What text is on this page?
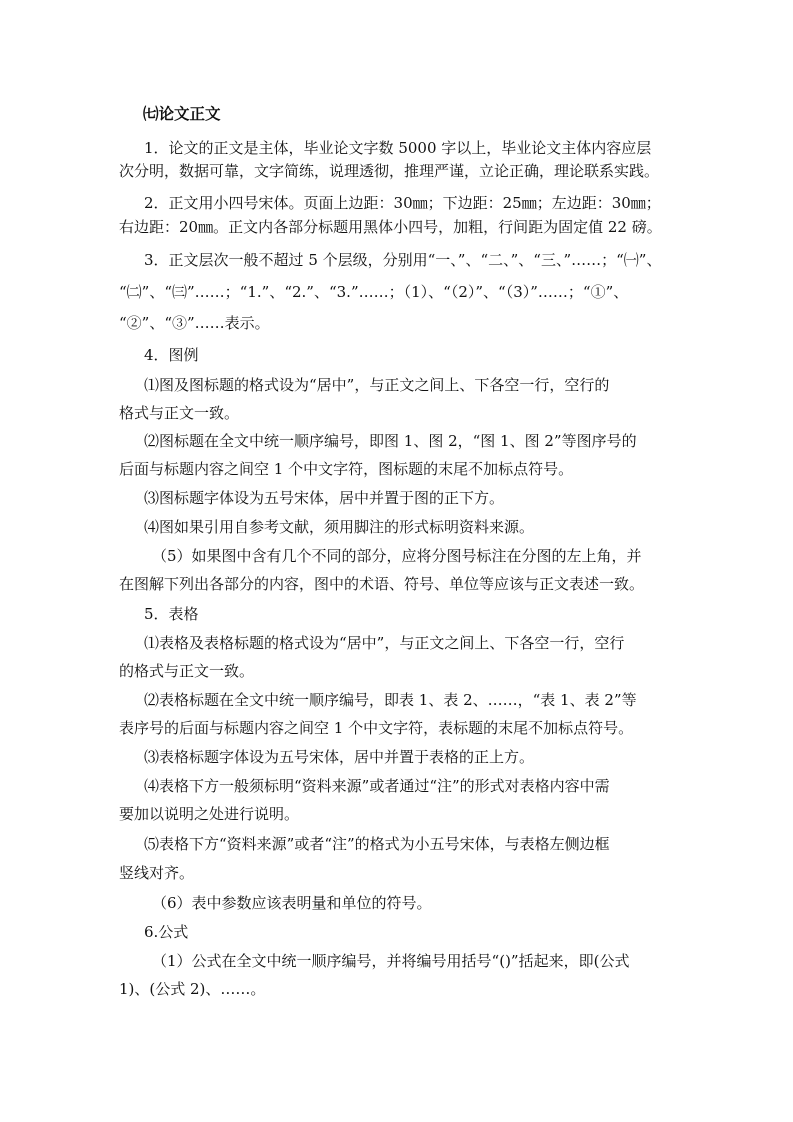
㈦论文正文
1．论文的正文是主体，毕业论文字数 5000 字以上，毕业论文主体内容应层
次分明，数据可靠，文字简练，说理透彻，推理严谨，立论正确，理论联系实践。
2．正文用小四号宋体。页面上边距：30㎜；下边距：25㎜；左边距：30㎜；
右边距：20㎜。正文内各部分标题用黑体小四号，加粗，行间距为固定值 22 磅。
3．正文层次一般不超过 5 个层级，分别用“一、”、“二、”、“三、”……；“㈠”、
“㈡”、“㈢”……；“1.”、“2.”、“3.”……；（1）、“（2）”、“（3）”……；“①”、
“②”、“③”……表示。
4．图例
⑴图及图标题的格式设为“居中”，与正文之间上、下各空一行，空行的
格式与正文一致。
⑵图标题在全文中统一顺序编号，即图 1、图 2，“图 1、图 2”等图序号的
后面与标题内容之间空 1 个中文字符，图标题的末尾不加标点符号。
⑶图标题字体设为五号宋体，居中并置于图的正下方。
⑷图如果引用自参考文献，须用脚注的形式标明资料来源。
（5）如果图中含有几个不同的部分，应将分图号标注在分图的左上角，并
在图解下列出各部分的内容，图中的术语、符号、单位等应该与正文表述一致。
5．表格
⑴表格及表格标题的格式设为“居中”，与正文之间上、下各空一行，空行
的格式与正文一致。
⑵表格标题在全文中统一顺序编号，即表 1、表 2、……，“表 1、表 2”等
表序号的后面与标题内容之间空 1 个中文字符，表标题的末尾不加标点符号。
⑶表格标题字体设为五号宋体，居中并置于表格的正上方。
⑷表格下方一般须标明“资料来源”或者通过“注”的形式对表格内容中需
要加以说明之处进行说明。
⑸表格下方“资料来源”或者“注”的格式为小五号宋体，与表格左侧边框
竖线对齐。
（6）表中参数应该表明量和单位的符号。
6.公式
（1）公式在全文中统一顺序编号，并将编号用括号“()”括起来，即(公式
1)、(公式 2)、……。
